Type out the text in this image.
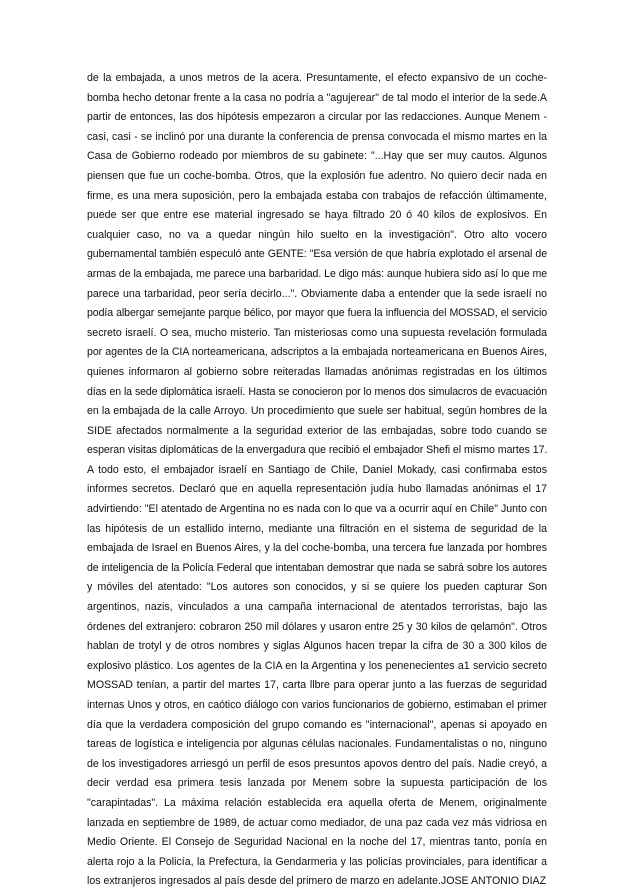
de la embajada, a unos metros de la acera. Presuntamente, el efecto expansivo de un coche-
bomba hecho detonar frente a la casa no podría a "agujerear" de tal modo el interior de la sede.A
partir de entonces, las dos hipótesis empezaron a circular por las redacciones. Aunque Menem -
casi, casi - se inclinó por una durante la conferencia de prensa convocada el mismo martes en la
Casa de Gobierno rodeado por miembros de su gabinete: "...Hay que ser muy cautos. Algunos
piensen que fue un coche-bomba. Otros, que la explosión fue adentro. No quiero decir nada en
firme, es una mera suposición, pero la embajada estaba con trabajos de refacción últimamente,
puede ser que entre ese material ingresado se haya filtrado 20 ó 40 kilos de explosivos. En
cualquier caso, no va a quedar ningún hilo suelto en la investigación". Otro alto vocero
gubernamental también especuló ante GENTE: "Esa versión de que habría explotado el arsenal de
armas de la embajada, me parece una barbaridad. Le digo más: aunque hubiera sido así lo que me
parece una tarbaridad, peor sería decirlo...". Obviamente daba a entender que la sede israelí no
podía albergar semejante parque bélico, por mayor que fuera la influencia del MOSSAD, el servicio
secreto israelí. O sea, mucho misterio. Tan misteriosas como una supuesta revelación formulada
por agentes de la CIA norteamericana, adscriptos a la embajada norteamericana en Buenos Aires,
quienes informaron al gobierno sobre reiteradas llamadas anónimas registradas en los últimos
días en la sede diplomática israelí. Hasta se conocieron por lo menos dos simulacros de evacuación
en la embajada de la calle Arroyo. Un procedimiento que suele ser habitual, según hombres de la
SIDE afectados normalmente a la seguridad exterior de las embajadas, sobre todo cuando se
esperan visitas diplomáticas de la envergadura que recibió el embajador Shefi el mismo martes 17.
A todo esto, el embajador israelí en Santiago de Chile, Daniel Mokady, casi confirmaba estos
informes secretos. Declaró que en aquella representación judía hubo llamadas anónimas el 17
advirtiendo: "El atentado de Argentina no es nada con lo que va a ocurrir aquí en Chile" Junto con
las hipótesis de un estallido interno, mediante una filtración en el sistema de seguridad de la
embajada de Israel en Buenos Aires, y la del coche-bomba, una tercera fue lanzada por hombres
de inteligencia de la Policía Federal que intentaban demostrar que nada se sabrá sobre los autores
y móviles del atentado: "Los autores son conocidos, y si se quiere los pueden capturar Son
argentinos, nazis, vinculados a una campaña internacional de atentados terroristas, bajo las
órdenes del extranjero: cobraron 250 mil dólares y usaron entre 25 y 30 kilos de qelamón". Otros
hablan de trotyl y de otros nombres y siglas Algunos hacen trepar la cifra de 30 a 300 kilos de
explosivo plástico. Los agentes de la CIA en la Argentina y los penenecientes a1 servicio secreto
MOSSAD tenían, a partir del martes 17, carta llbre para operar junto a las fuerzas de seguridad
internas Unos y otros, en caótico diálogo con varios funcionarios de gobierno, estimaban el primer
día que la verdadera composición del grupo comando es "internacional", apenas si apoyado en
tareas de logística e inteligencia por algunas células nacionales. Fundamentalistas o no, ninguno
de los investigadores arriesgó un perfil de esos presuntos apovos dentro del país. Nadie creyó, a
decir verdad esa primera tesis lanzada por Menem sobre la supuesta participación de los
"carapintadas". La máxima relación establecida era aquella oferta de Menem, originalmente
lanzada en septiembre de 1989, de actuar como mediador, de una paz cada vez más vidriosa en
Medio Oriente. El Consejo de Seguridad Nacional en la noche del 17, mientras tanto, ponía en
alerta rojo a la Policía, la Prefectura, la Gendarmeria y las policías provinciales, para identificar a
los extranjeros ingresados al país desde del primero de marzo en adelante.JOSE ANTONIO DIAZ
